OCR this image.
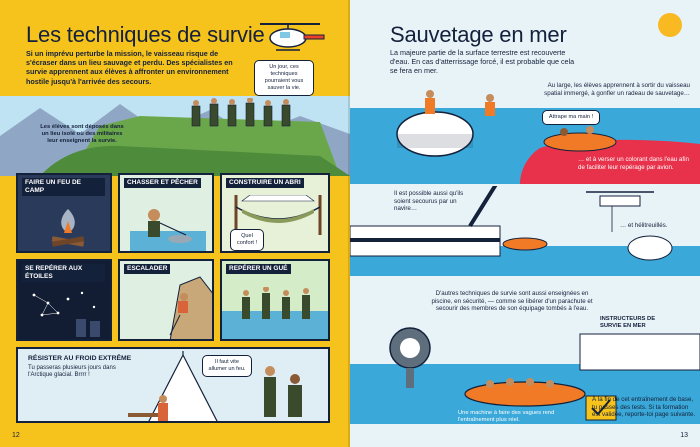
Les techniques de survie
Si un imprévu perturbe la mission, le vaisseau risque de s'écraser dans un lieu sauvage et perdu. Des spécialistes en survie apprennent aux élèves à affronter un environnement hostile jusqu'à l'arrivée des secours.
Un jour, ces techniques pourraient vous sauver la vie.
Les élèves sont déposés dans un lieu isolé où des militaires leur enseignent la survie.
FAIRE UN FEU DE CAMP
CHASSER ET PÊCHER	CONSTRUIRE UN ABRI
Quel confort !
SE REPÉRER AUX ÉTOILES
ESCALADER	REPÉRER UN GUÉ
RÉSISTER AU FROID EXTRÊME
Tu passeras plusieurs jours dans l'Arctique glacial. Brrrr !
Il faut vite allumer un feu.
12
Sauvetage en mer
La majeure partie de la surface terrestre est recouverte d'eau. En cas d'atterrissage forcé, il est probable que cela se fera en mer.
Au large, les élèves apprennent à sortir du vaisseau spatial immergé, à gonfler un radeau de sauvetage…
Attrape ma main !
… et à verser un colorant dans l'eau afin de faciliter leur repérage par avion.
Il est possible aussi qu'ils soient secourus par un navire…
… et hélitreuillés.
D'autres techniques de survie sont aussi enseignées en piscine, en sécurité, — comme se libérer d'un parachute et secourir des membres de son équipage tombés à l'eau.
INSTRUCTEURS DE SURVIE EN MER
Une machine à faire des vagues rend l'entraînement plus réel.
À la fin de cet entraînement de base, tu passes des tests. Si ta formation est validée, reporte-toi page suivante.
13
